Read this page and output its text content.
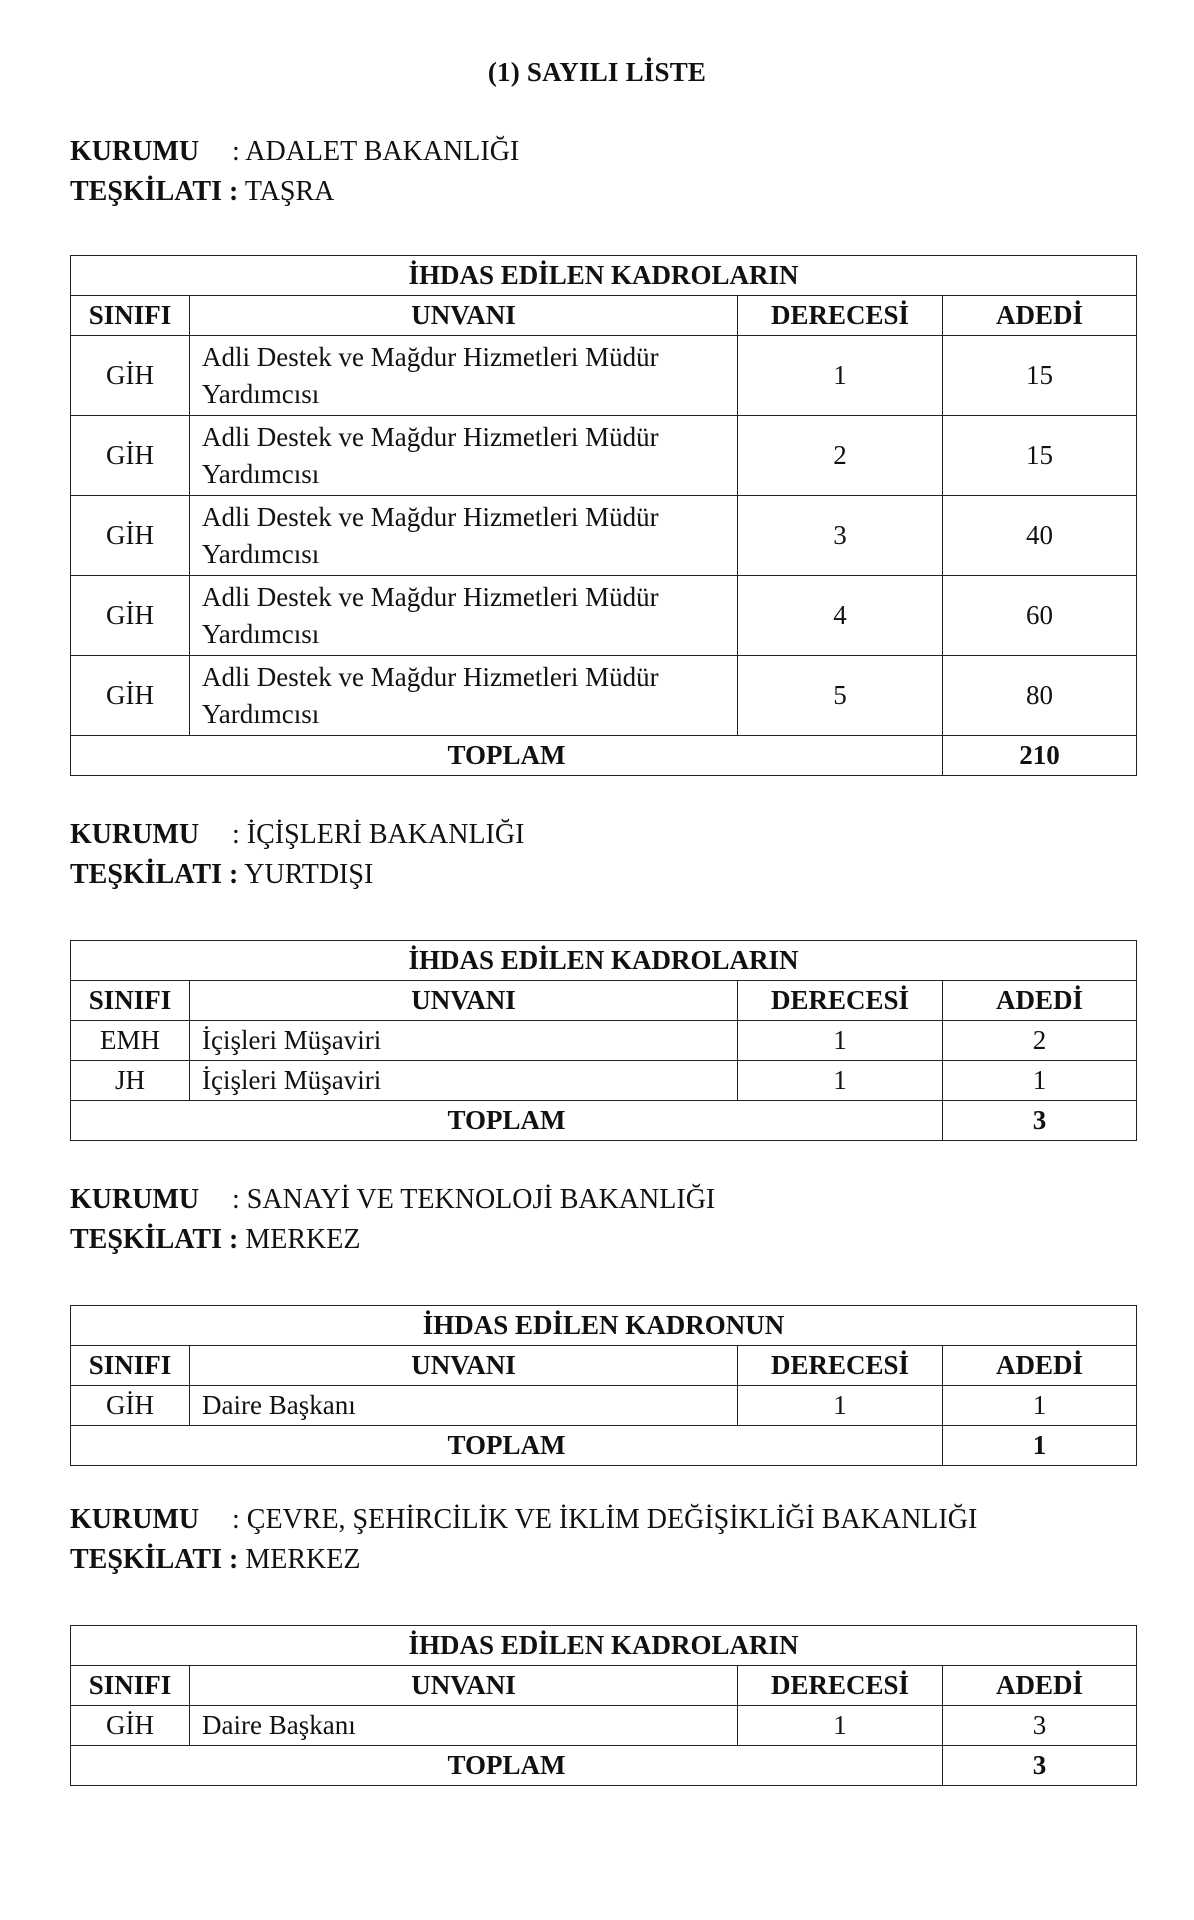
(1) SAYILI LİSTE
KURUMU : ADALET BAKANLIĞI
TEŞKİLATI : TAŞRA
İHDAS EDİLEN KADROLARIN			
SINIFI	UNVANI	DERECESİ	ADEDİ
GİH	Adli Destek ve Mağdur Hizmetleri Müdür Yardımcısı	1	15
GİH	Adli Destek ve Mağdur Hizmetleri Müdür Yardımcısı	2	15
GİH	Adli Destek ve Mağdur Hizmetleri Müdür Yardımcısı	3	40
GİH	Adli Destek ve Mağdur Hizmetleri Müdür Yardımcısı	4	60
GİH	Adli Destek ve Mağdur Hizmetleri Müdür Yardımcısı	5	80
TOPLAM			210
KURUMU : İÇİŞLERİ BAKANLIĞI
TEŞKİLATI : YURTDIŞI
İHDAS EDİLEN KADROLARIN			
SINIFI	UNVANI	DERECESİ	ADEDİ
EMH	İçişleri Müşaviri	1	2
JH	İçişleri Müşaviri	1	1
TOPLAM			3
KURUMU : SANAYİ VE TEKNOLOJİ BAKANLIĞI
TEŞKİLATI : MERKEZ
İHDAS EDİLEN KADRONUN			
SINIFI	UNVANI	DERECESİ	ADEDİ
GİH	Daire Başkanı	1	1
TOPLAM			1
KURUMU : ÇEVRE, ŞEHİRCİLİK VE İKLİM DEĞİŞİKLİĞİ BAKANLIĞI
TEŞKİLATI : MERKEZ
İHDAS EDİLEN KADROLARIN			
SINIFI	UNVANI	DERECESİ	ADEDİ
GİH	Daire Başkanı	1	3
TOPLAM			3
